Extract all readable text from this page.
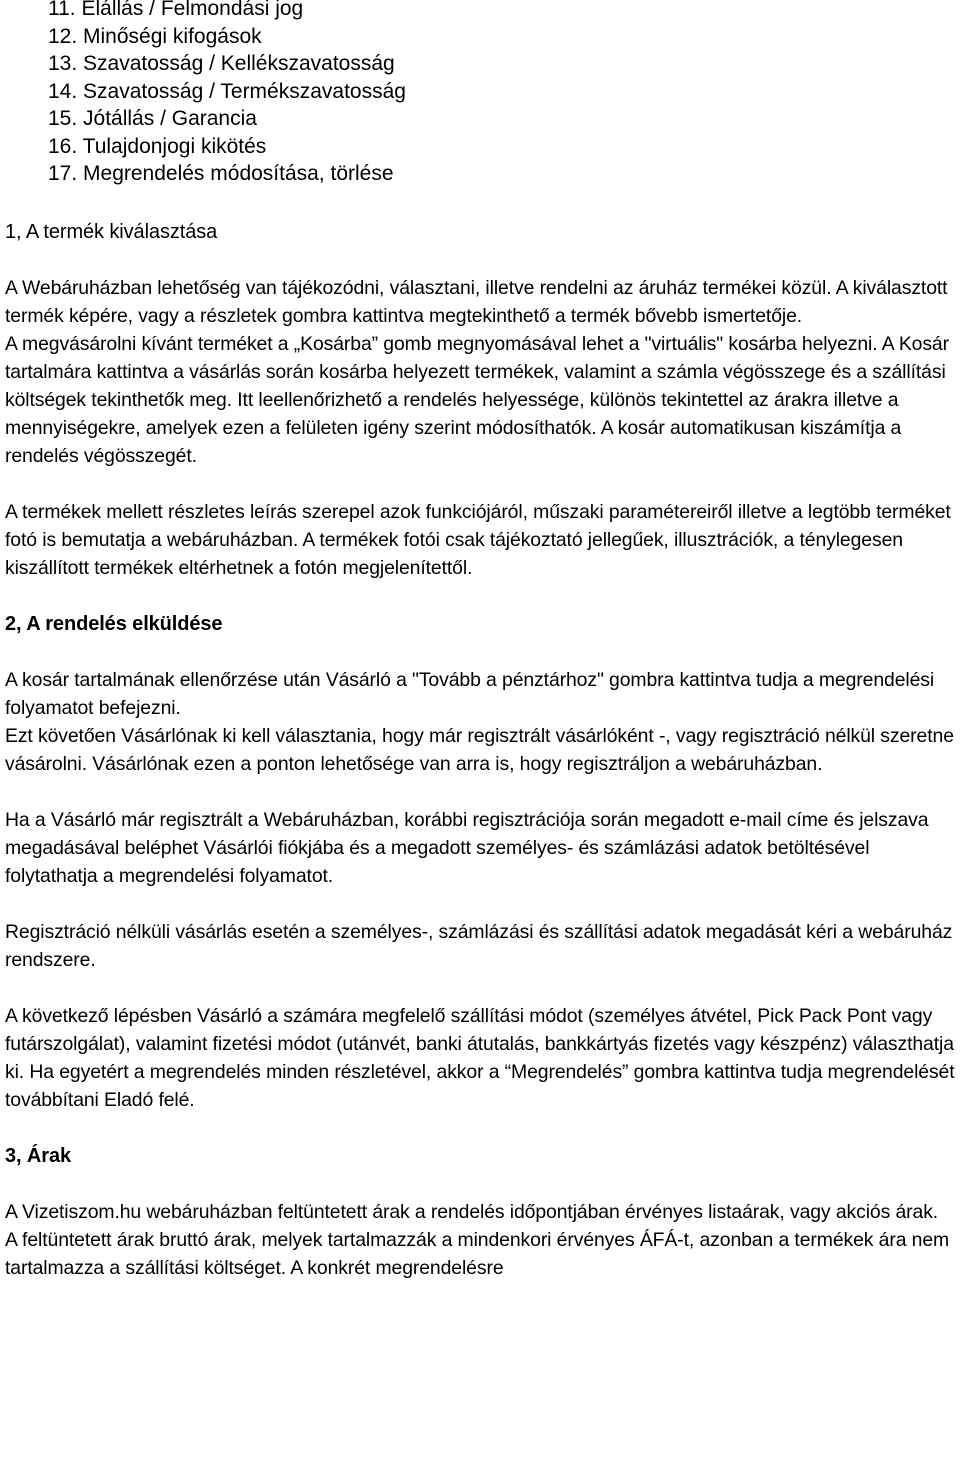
11. Elállás / Felmondási jog
12. Minőségi kifogások
13. Szavatosság / Kellékszavatosság
14. Szavatosság / Termékszavatosság
15. Jótállás / Garancia
16. Tulajdonjogi kikötés
17. Megrendelés módosítása, törlése
1, A termék kiválasztása

A Webáruházban lehetőség van tájékozódni, választani, illetve rendelni az áruház termékei közül. A kiválasztott termék képére, vagy a részletek gombra kattintva megtekinthető a termék bővebb ismertetője.

A megvásárolni kívánt terméket a „Kosárba” gomb megnyomásával lehet a "virtuális" kosárba helyezni. A Kosár tartalmára kattintva a vásárlás során kosárba helyezett termékek, valamint a számla végösszege és a szállítási költségek tekinthetők meg. Itt leellenőrizhető a rendelés helyessége, különös tekintettel az árakra illetve a mennyiségekre, amelyek ezen a felületen igény szerint módosíthatók. A kosár automatikusan kiszámítja a rendelés végösszegét.

A termékek mellett részletes leírás szerepel azok funkciójáról, műszaki paramétereiről illetve a legtöbb terméket fotó is bemutatja a webáruházban. A termékek fotói csak tájékoztató jellegűek, illusztrációk, a ténylegesen kiszállított termékek eltérhetnek a fotón megjelenítettől.

2, A rendelés elküldése

A kosár tartalmának ellenőrzése után Vásárló a "Tovább a pénztárhoz" gombra kattintva tudja a megrendelési folyamatot befejezni.

Ezt követően Vásárlónak ki kell választania, hogy már regisztrált vásárlóként -, vagy regisztráció nélkül szeretne vásárolni. Vásárlónak ezen a ponton lehetősége van arra is, hogy regisztráljon a webáruházban.

Ha a Vásárló már regisztrált a Webáruházban, korábbi regisztrációja során megadott e-mail címe és jelszava megadásával beléphet Vásárlói fiókjába és a megadott személyes- és számlázási adatok betöltésével folytathatja a megrendelési folyamatot.

Regisztráció nélküli vásárlás esetén a személyes-, számlázási és szállítási adatok megadását kéri a webáruház rendszere.

A következő lépésben Vásárló a számára megfelelő szállítási módot (személyes átvétel, Pick Pack Pont vagy futárszolgálat), valamint fizetési módot (utánvét, banki átutalás, bankkártyás fizetés vagy készpénz) választhatja ki. Ha egyetért a megrendelés minden részletével, akkor a “Megrendelés” gombra kattintva tudja megrendelését továbbítani Eladó felé.

3, Árak

A Vizetiszom.hu webáruházban feltüntetett árak a rendelés időpontjában érvényes listaárak, vagy akciós árak.

A feltüntetett árak bruttó árak, melyek tartalmazzák a mindenkori érvényes ÁFÁ-t, azonban a termékek ára nem tartalmazza a szállítási költséget. A konkrét megrendelésre
